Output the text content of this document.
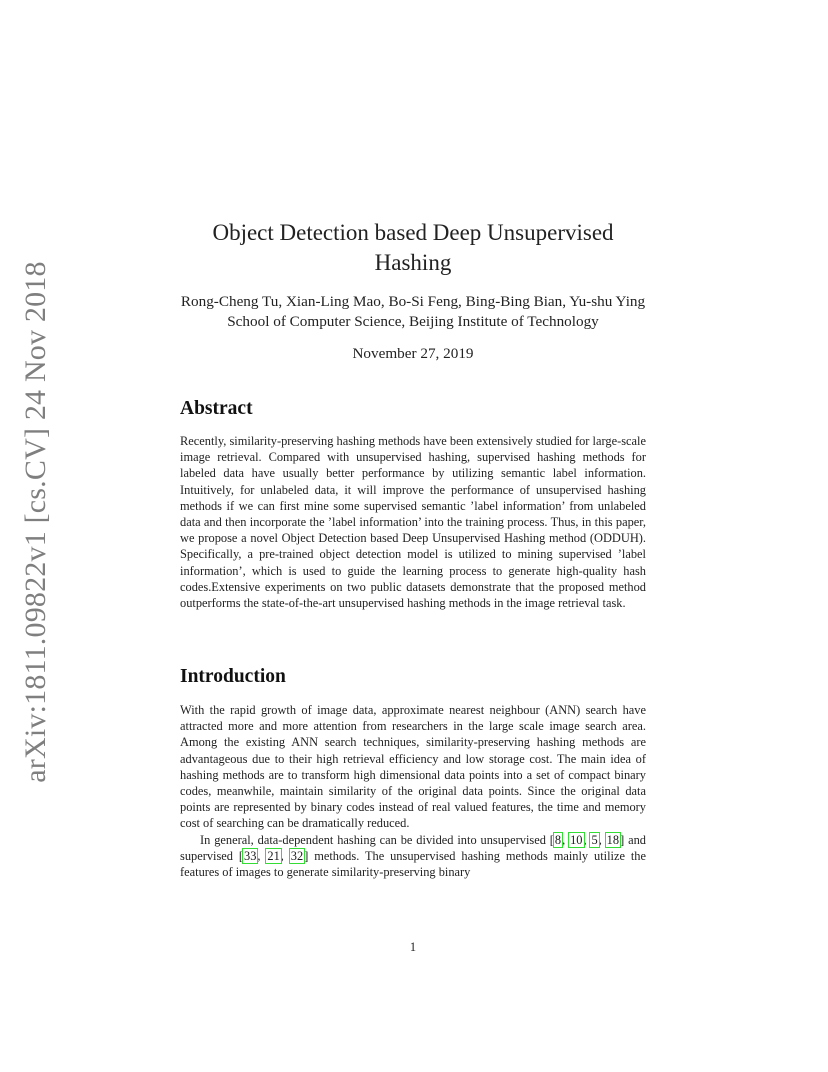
arXiv:1811.09822v1 [cs.CV] 24 Nov 2018
Object Detection based Deep Unsupervised
Hashing
Rong-Cheng Tu, Xian-Ling Mao, Bo-Si Feng, Bing-Bing Bian, Yu-shu Ying
School of Computer Science, Beijing Institute of Technology
November 27, 2019
Abstract

Recently, similarity-preserving hashing methods have been extensively studied for large-scale image retrieval. Compared with unsupervised hashing, supervised hashing methods for labeled data have usually better performance by utilizing semantic label information. Intuitively, for unlabeled data, it will improve the performance of unsupervised hashing methods if we can first mine some supervised semantic ’label information’ from unlabeled data and then incorporate the ’label information’ into the training process. Thus, in this paper, we propose a novel Object Detection based Deep Unsupervised Hashing method (ODDUH). Specifically, a pre-trained object detection model is utilized to mining supervised ’label information’, which is used to guide the learning process to generate high-quality hash codes.Extensive experiments on two public datasets demonstrate that the proposed method outperforms the state-of-the-art unsupervised hashing methods in the image retrieval task.

Introduction

With the rapid growth of image data, approximate nearest neighbour (ANN) search have attracted more and more attention from researchers in the large scale image search area. Among the existing ANN search techniques, similarity-preserving hashing methods are advantageous due to their high retrieval efficiency and low storage cost. The main idea of hashing methods are to transform high dimensional data points into a set of compact binary codes, meanwhile, maintain similarity of the original data points. Since the original data points are represented by binary codes instead of real valued features, the time and memory cost of searching can be dramatically reduced.

In general, data-dependent hashing can be divided into unsupervised [8, 10, 5, 18] and supervised [33, 21, 32] methods. The unsupervised hashing methods mainly utilize the features of images to generate similarity-preserving binary

1
